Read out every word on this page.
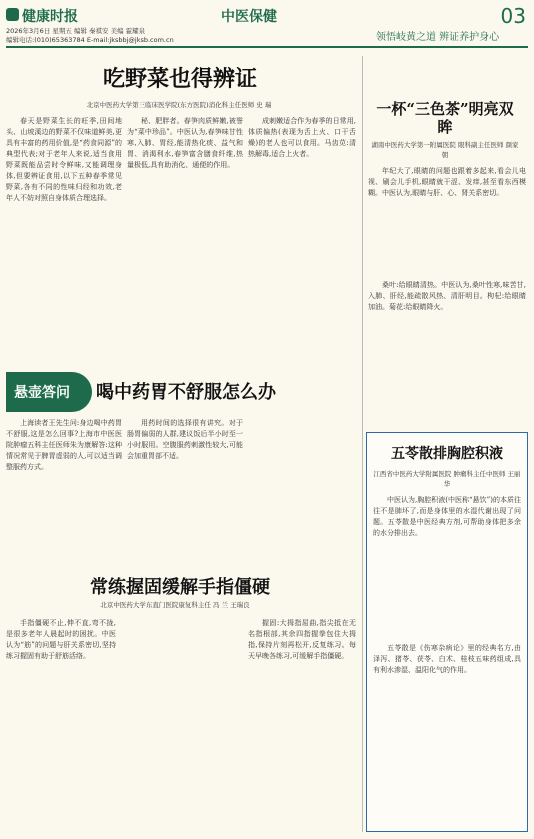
健康时报
2026年3月6日 星期五 编辑 秦祺安 美编 霍耀泉
编辑电话:(010)65363784 E-mail:jksbbj@jksb.com.cn
中医保健
领悟岐黄之道 辨证养护身心
03
吃野菜也得辨证
北京中医药大学第三临床医学院(东方医院)消化科主任医师 史 瑞

春天是野菜生长的旺季,田间地头、山坡溪边的野菜不仅味道鲜美,更具有丰富的药用价值,是“药食同源”的典型代表;对于老年人来说,适当食用野菜既能品尝时令鲜味,又能调理身体,但要辨证食用,以下五种春季常见野菜,各有不同的性味归经和功效,老年人不妨对照自身体质合理选择。

秘、肥胖者。春笋肉质鲜嫩,被誉为“菜中珍品”。中医认为,春笋味甘性寒,入肺、胃经,能清热化痰、益气和胃、消渴利水,春笋富含膳食纤维,热量极低,具有助消化、通便的作用。

成刺嫩适合作为春季的日常用,体质偏热(表现为舌上火、口干舌燥)的老人也可以食用。马齿苋:清热解毒,适合上火者。

悬壶答问 喝中药胃不舒服怎么办

上海读者王先生问:身边喝中药胃不舒服,这是怎么回事?上海市中医医院肿瘤五科主任医师朱为康解答:这种情况常见于脾胃虚弱的人,可以适当调整服药方式。

用药时间的选择很有讲究。对于肠胃偏弱的人群,建议饭后半小时至一小时服用。空腹服药刺激性较大,可能会加重胃部不适。

常练握固缓解手指僵硬
北京中医药大学东直门医院康复科主任 冯 兰 王瑞良

手指僵硬不止,伸不直,弯不拢,是很多老年人晨起时的困扰。中医认为“筋”的问题与肝关系密切,坚持练习握固有助于舒筋活络。

握固:大拇指屈曲,指尖抵在无名指根部,其余四指握拳包住大拇指,保持片刻再松开,反复练习。每天早晚各练习,可缓解手指僵硬。

一杯“三色茶”明亮双眸
湖南中医药大学第一附属医院 眼科副主任医师 颜家朝

年纪大了,眼睛的问题也跟着多起来,看会儿电视、刷会儿手机,眼睛就干涩、发痒,甚至看东西模糊。中医认为,眼睛与肝、心、肾关系密切。

桑叶:给眼睛清热。中医认为,桑叶性寒,味苦甘,入肺、肝经,能疏散风热、清肝明目。枸杞:给眼睛加油。菊花:给眼睛降火。

五苓散排胸腔积液
江西省中医药大学附属医院 肿瘤科主任中医师 王丽华

中医认为,胸腔积液(中医称“悬饮”)的本质往往不是肺坏了,而是身体里的水湿代谢出现了问题。五苓散是中医经典方剂,可帮助身体把多余的水分排出去。

五苓散是《伤寒杂病论》里的经典名方,由泽泻、猪苓、茯苓、白术、桂枝五味药组成,具有利水渗湿、温阳化气的作用。
